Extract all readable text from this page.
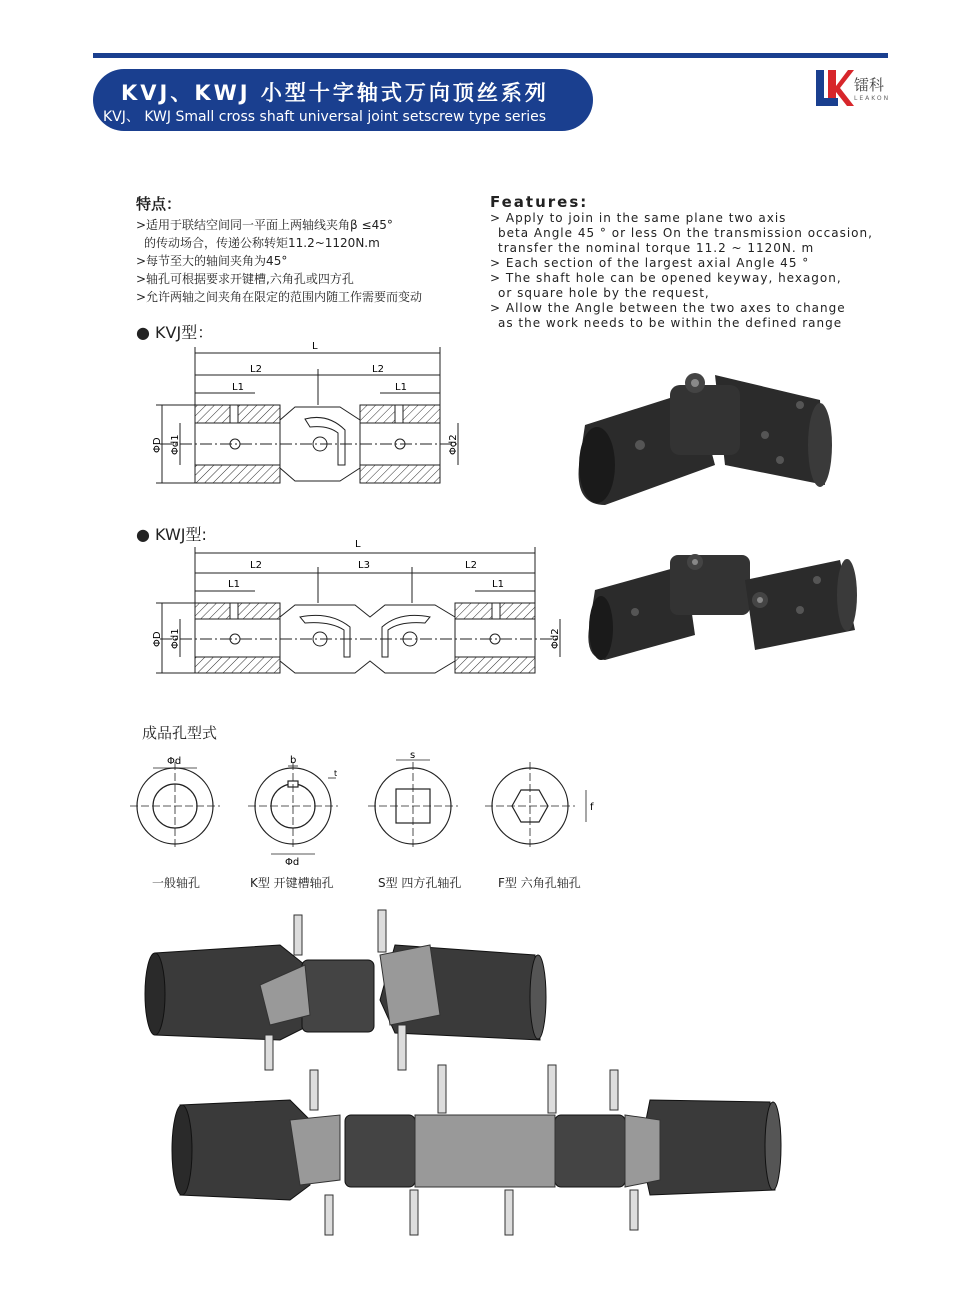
KVJ、KWJ 小型十字轴式万向顶丝系列
KVJ、 KWJ Small cross shaft universal joint setscrew type series
镭科
LEAKON
特点：
>适用于联结空间同一平面上两轴线夹角β ≤45°
的传动场合，传递公称转矩11.2~1120N.m
>每节至大的轴间夹角为45°
>轴孔可根据要求开键槽,六角孔或四方孔
>允许两轴之间夹角在限定的范围内随工作需要而变动
Features:
> Apply to join in the same plane two axis
beta Angle 45 ° or less On the transmission occasion,
transfer the nominal torque 11.2 ~ 1120N. m
> Each section of the largest axial Angle 45 °
> The shaft hole can be opened keyway, hexagon,
or square hole by the request,
> Allow the Angle between the two axes to change
as the work needs to be within the defined range
● KVJ型：
L
L2	L2
L1	L1
ΦD Φd1	Φd2
● KWJ型:
L
L2	L3	L2
L1	L1
ΦD Φd1	Φd2
成品孔型式
Φd	b
Φd
t
s
f
一般轴孔	K型 开键槽轴孔	S型 四方孔轴孔	F型 六角孔轴孔
